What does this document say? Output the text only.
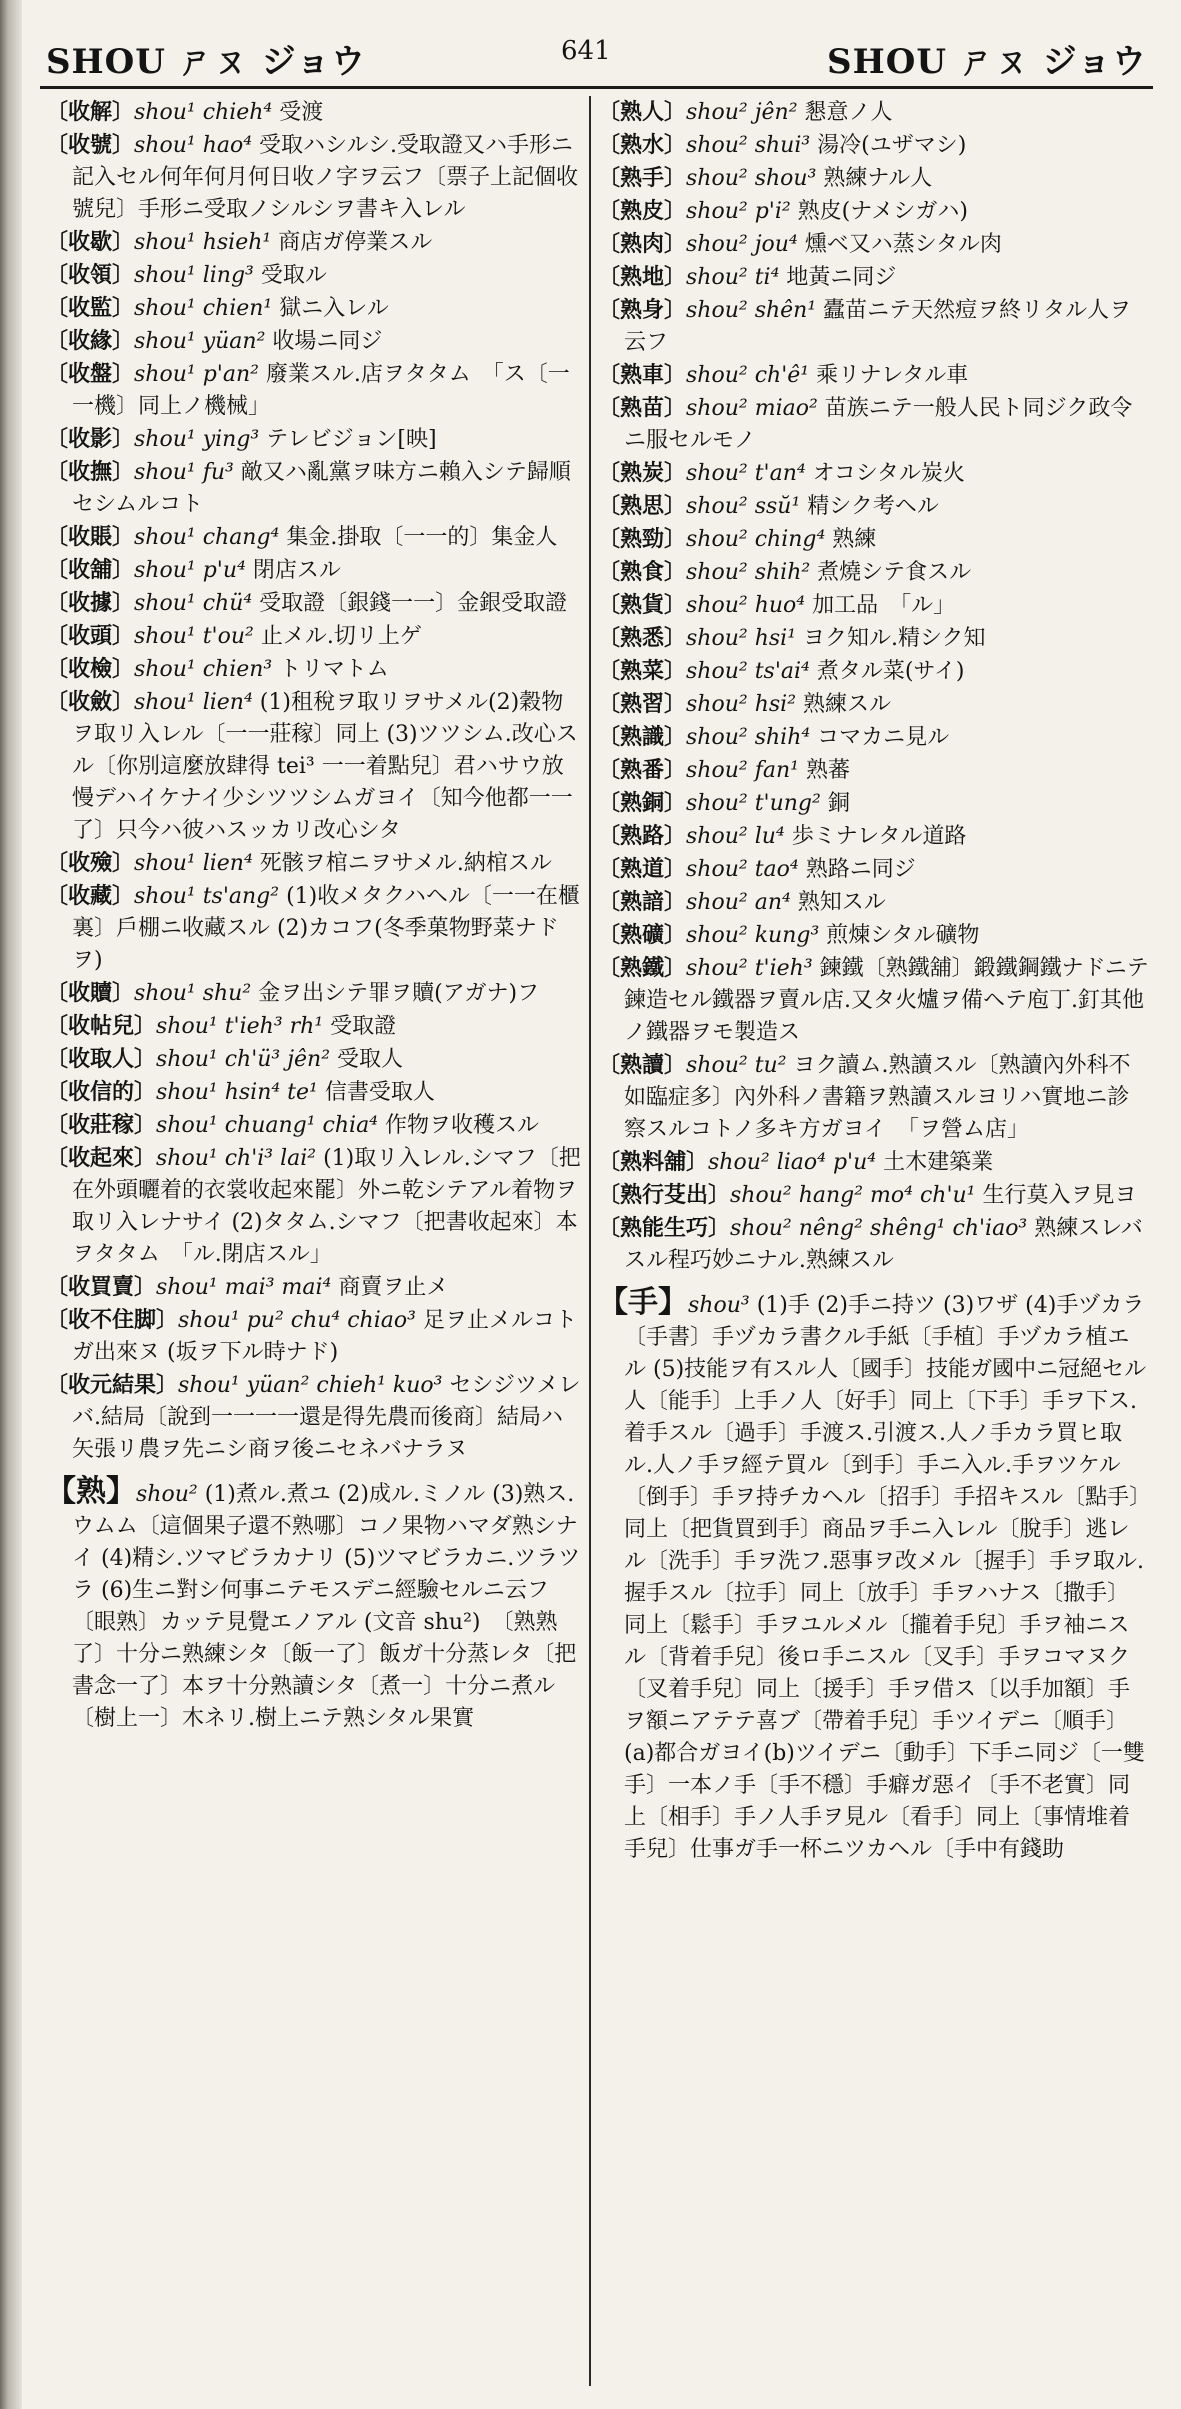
SHOU ㄕㄡ ジョウ	641	SHOU ㄕㄡ ジョウ

〔收解〕shou¹ chieh⁴ 受渡

〔收號〕shou¹ hao⁴ 受取ハシルシ.受取證又ハ手形ニ記入セル何年何月何日收ノ字ヲ云フ〔票子上記個收號兒〕手形ニ受取ノシルシヲ書キ入レル

〔收歇〕shou¹ hsieh¹ 商店ガ停業スル

〔收領〕shou¹ ling³ 受取ル

〔收監〕shou¹ chien¹ 獄ニ入レル

〔收緣〕shou¹ yüan² 收場ニ同ジ

〔收盤〕shou¹ p'an² 廢業スル.店ヲタタム　「ス〔一一機〕同上ノ機械」

〔收影〕shou¹ ying³ テレビジョン[映]

〔收撫〕shou¹ fu³ 敵又ハ亂黨ヲ味方ニ賴入シテ歸順セシムルコト

〔收賬〕shou¹ chang⁴ 集金.掛取〔一一的〕集金人

〔收舖〕shou¹ p'u⁴ 閉店スル

〔收據〕shou¹ chü⁴ 受取證〔銀錢一一〕金銀受取證

〔收頭〕shou¹ t'ou² 止メル.切リ上ゲ

〔收檢〕shou¹ chien³ トリマトム

〔收斂〕shou¹ lien⁴ (1)租稅ヲ取リヲサメル(2)穀物ヲ取リ入レル〔一一莊稼〕同上 (3)ツツシム.改心スル〔你別這麼放肆得 tei³ 一一着點兒〕君ハサウ放慢デハイケナイ少シツツシムガヨイ〔知今他都一一了〕只今ハ彼ハスッカリ改心シタ

〔收殮〕shou¹ lien⁴ 死骸ヲ棺ニヲサメル.納棺スル

〔收藏〕shou¹ ts'ang² (1)收メタクハヘル〔一一在櫃裏〕戶棚ニ收藏スル (2)カコフ(冬季菓物野菜ナドヲ)

〔收贖〕shou¹ shu² 金ヲ出シテ罪ヲ贖(アガナ)フ

〔收帖兒〕shou¹ t'ieh³ rh¹ 受取證

〔收取人〕shou¹ ch'ü³ jên² 受取人

〔收信的〕shou¹ hsin⁴ te¹ 信書受取人

〔收莊稼〕shou¹ chuang¹ chia⁴ 作物ヲ收穫スル

〔收起來〕shou¹ ch'i³ lai² (1)取リ入レル.シマフ〔把在外頭曬着的衣裳收起來罷〕外ニ乾シテアル着物ヲ取リ入レナサイ (2)タタム.シマフ〔把書收起來〕本ヲタタム　「ル.閉店スル」

〔收買賣〕shou¹ mai³ mai⁴ 商賣ヲ止メ

〔收不住脚〕shou¹ pu² chu⁴ chiao³ 足ヲ止メルコトガ出來ヌ (坂ヲ下ル時ナド)

〔收元結果〕shou¹ yüan² chieh¹ kuo³ セシジツメレバ.結局〔說到一一一一還是得先農而後商〕結局ハ矢張リ農ヲ先ニシ商ヲ後ニセネバナラヌ

【熟】shou² (1)煮ル.煮ユ (2)成ル.ミノル (3)熟ス.ウムム〔這個果子還不熟哪〕コノ果物ハマダ熟シナイ (4)精シ.ツマビラカナリ (5)ツマビラカニ.ツラツラ (6)生ニ對シ何事ニテモスデニ經驗セルニ云フ〔眼熟〕カッテ見覺エノアル (文音 shu²)　〔熟熟了〕十分ニ熟練シタ〔飯一了〕飯ガ十分蒸レタ〔把書念一了〕本ヲ十分熟讀シタ〔煮一〕十分ニ煮ル〔樹上一〕木ネリ.樹上ニテ熟シタル果實

〔熟人〕shou² jên² 懇意ノ人

〔熟水〕shou² shui³ 湯冷(ユザマシ)

〔熟手〕shou² shou³ 熟練ナル人

〔熟皮〕shou² p'i² 熟皮(ナメシガハ)

〔熟肉〕shou² jou⁴ 燻ベ又ハ蒸シタル肉

〔熟地〕shou² ti⁴ 地黃ニ同ジ

〔熟身〕shou² shên¹ 蠹苗ニテ天然痘ヲ終リタル人ヲ云フ

〔熟車〕shou² ch'ê¹ 乘リナレタル車

〔熟苗〕shou² miao² 苗族ニテ一般人民ト同ジク政令ニ服セルモノ

〔熟炭〕shou² t'an⁴ オコシタル炭火

〔熟思〕shou² ssŭ¹ 精シク考ヘル

〔熟勁〕shou² ching⁴ 熟練

〔熟食〕shou² shih² 煮燒シテ食スル

〔熟貨〕shou² huo⁴ 加工品　「ル」

〔熟悉〕shou² hsi¹ ヨク知ル.精シク知

〔熟菜〕shou² ts'ai⁴ 煮タル菜(サイ)

〔熟習〕shou² hsi² 熟練スル

〔熟識〕shou² shih⁴ コマカニ見ル

〔熟番〕shou² fan¹ 熟蕃

〔熟銅〕shou² t'ung² 銅

〔熟路〕shou² lu⁴ 歩ミナレタル道路

〔熟道〕shou² tao⁴ 熟路ニ同ジ

〔熟諳〕shou² an⁴ 熟知スル

〔熟礦〕shou² kung³ 煎煉シタル礦物

〔熟鐵〕shou² t'ieh³ 鍊鐵〔熟鐵舖〕鍛鐵鋼鐵ナドニテ鍊造セル鐵器ヲ賣ル店.又タ火爐ヲ備ヘテ庖丁.釘其他ノ鐵器ヲモ製造ス

〔熟讀〕shou² tu² ヨク讀ム.熟讀スル〔熟讀內外科不如臨症多〕內外科ノ書籍ヲ熟讀スルヨリハ實地ニ診察スルコトノ多キ方ガヨイ　「ヲ營ム店」

〔熟料舖〕shou² liao⁴ p'u⁴ 土木建築業

〔熟行芟出〕shou² hang² mo⁴ ch'u¹ 生行莫入ヲ見ヨ

〔熟能生巧〕shou² nêng² shêng¹ ch'iao³ 熟練スレバスル程巧妙ニナル.熟練スル

【手】shou³ (1)手 (2)手ニ持ツ (3)ワザ (4)手ヅカラ〔手書〕手ヅカラ書クル手紙〔手植〕手ヅカラ植エル (5)技能ヲ有スル人〔國手〕技能ガ國中ニ冠絕セル人〔能手〕上手ノ人〔好手〕同上〔下手〕手ヲ下ス.着手スル〔過手〕手渡ス.引渡ス.人ノ手カラ買ヒ取ル.人ノ手ヲ經テ買ル〔到手〕手ニ入ル.手ヲツケル〔倒手〕手ヲ持チカヘル〔招手〕手招キスル〔點手〕同上〔把貨買到手〕商品ヲ手ニ入レル〔脫手〕逃レル〔洗手〕手ヲ洗フ.惡事ヲ改メル〔握手〕手ヲ取ル.握手スル〔拉手〕同上〔放手〕手ヲハナス〔撒手〕同上〔鬆手〕手ヲユルメル〔攏着手兒〕手ヲ袖ニスル〔背着手兒〕後ロ手ニスル〔叉手〕手ヲコマヌク〔叉着手兒〕同上〔援手〕手ヲ借ス〔以手加額〕手ヲ額ニアテテ喜ブ〔帶着手兒〕手ツイデニ〔順手〕(a)都合ガヨイ(b)ツイデニ〔動手〕下手ニ同ジ〔一雙手〕一本ノ手〔手不穩〕手癖ガ惡イ〔手不老實〕同上〔相手〕手ノ人手ヲ見ル〔看手〕同上〔事情堆着手兒〕仕事ガ手一杯ニツカヘル〔手中有錢助
